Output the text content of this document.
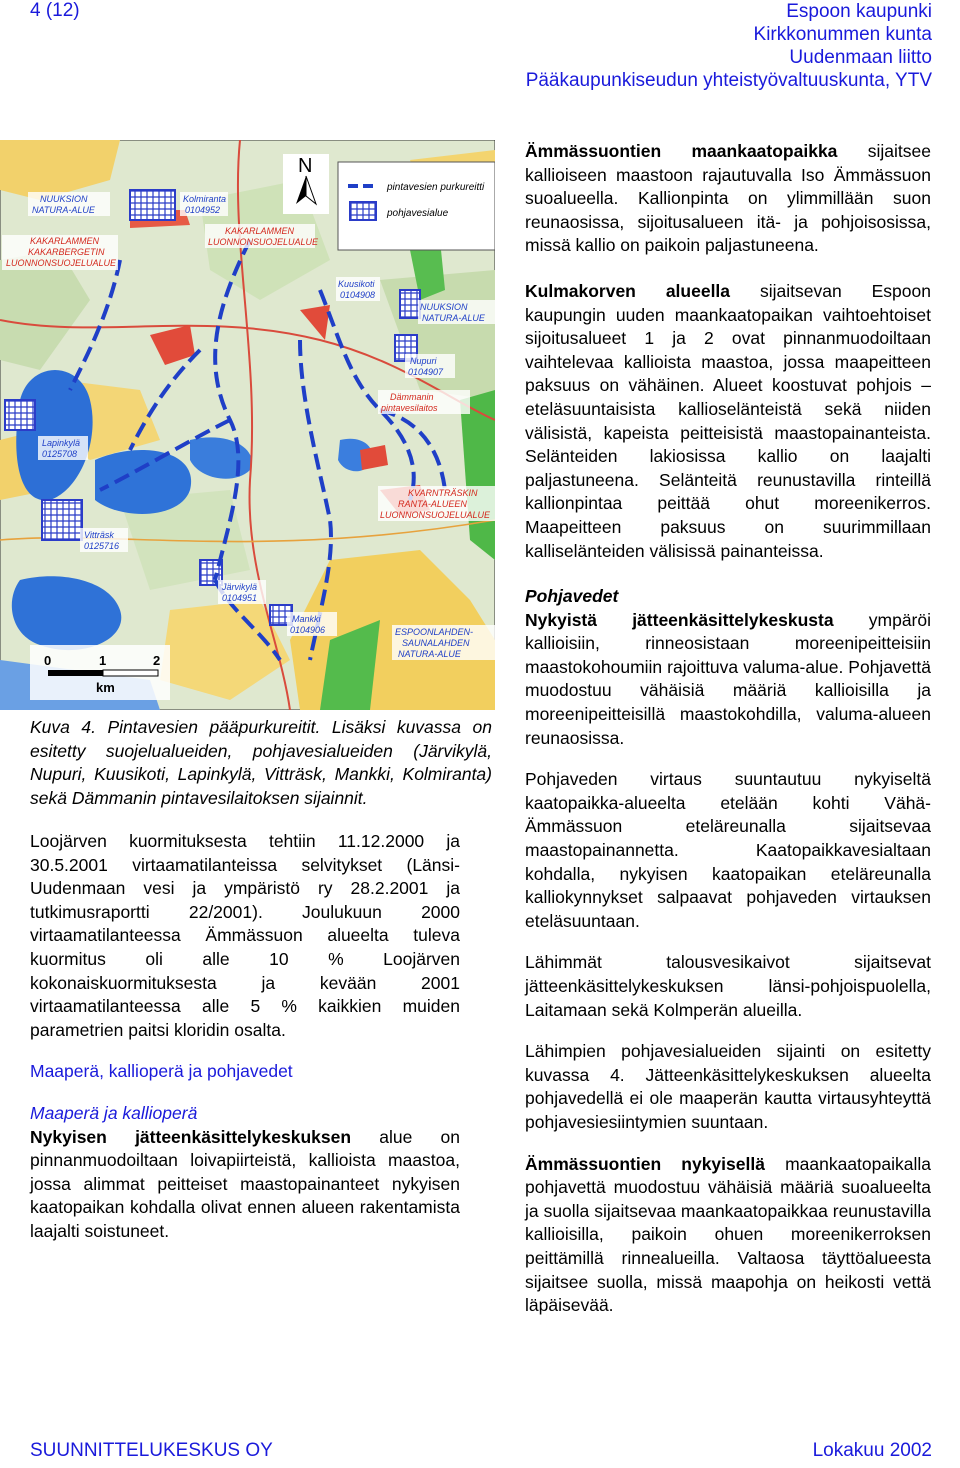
4 (12)	Espoon kaupunki
Kirkkonummen kunta
Uudenmaan liitto
Pääkaupunkiseudun yhteistyövaltuuskunta, YTV
pintavesien purkureitti
pohjavesialue
N
0	1	2
km
NUUKSION
NATURA-ALUE
KAKARLAMMEN
KAKARBERGETIN
LUONNONSUOJELUALUE
Kolmiranta
0104952
KAKARLAMMEN
LUONNONSUOJELUALUE
Kuusikoti
0104908
NUUKSION
NATURA-ALUE
Nupuri
0104907
Dämmanin
pintavesilaitos
Lapinkylä
0125708
KVARNTRÄSKIN
RANTA-ALUEEN
LUONNONSUOJELUALUE
Vitträsk
0125716
Järvikylä
0104951
Mankki
0104906	ESPOONLAHDEN-
SAUNALAHDEN
NATURA-ALUE
Kuva 4. Pintavesien pääpurkureitit. Lisäksi kuvassa on esitetty suojelualueiden, pohjavesialueiden (Järvikylä, Nupuri, Kuusikoti, Lapinkylä, Vitträsk, Mankki, Kolmiranta) sekä Dämmanin pintavesilaitoksen sijainnit.

Loojärven kuormituksesta tehtiin 11.12.2000 ja 30.5.2001 virtaamatilanteissa selvitykset (Länsi-Uudenmaan vesi ja ympäristö ry 28.2.2001 ja tutkimusraportti 22/2001). Joulukuun 2000 virtaamatilanteessa Ämmässuon alueelta tuleva kuormitus oli alle 10 % Loojärven kokonaiskuormituksesta ja kevään 2001 virtaamatilanteessa alle 5 % kaikkien muiden parametrien paitsi kloridin osalta.

Maaperä, kallioperä ja pohjavedet

Maaperä ja kallioperä

Nykyisen jätteenkäsittelykeskuksen alue on pinnanmuodoiltaan loivapiirteistä, kallioista maastoa, jossa alimmat peitteiset maastopainanteet nykyisen kaatopaikan kohdalla olivat ennen alueen rakentamista laajalti soistuneet.

Ämmässuontien maankaatopaikka sijaitsee kallioiseen maastoon rajautuvalla Iso Ämmässuon suoalueella. Kallionpinta on ylimmillään suon reunaosissa, sijoitusalueen itä- ja pohjoisosissa, missä kallio on paikoin paljastuneena.

Kulmakorven alueella sijaitsevan Espoon kaupungin uuden maankaatopaikan vaihtoehtoiset sijoitusalueet 1 ja 2 ovat pinnanmuodoiltaan vaihtelevaa kallioista maastoa, jossa maapeitteen paksuus on vähäinen. Alueet koostuvat pohjois – eteläsuuntaisista kallioselänteistä sekä niiden välisistä, kapeista peitteisistä maastopainanteista. Selänteiden lakiosissa kallio on laajalti paljastuneena. Selänteitä reunustavilla rinteillä kallionpintaa peittää ohut moreenikerros. Maapeitteen paksuus on suurimmillaan kalliselänteiden välisissä painanteissa.

Pohjavedet

Nykyistä jätteenkäsittelykeskusta ympäröi kallioisiin, rinneosistaan moreenipeitteisiin maastokohoumiin rajoittuva valuma-alue. Pohjavettä muodostuu vähäisiä määriä kallioisilla ja moreenipeitteisillä maastokohdilla, valuma-alueen reunaosissa.

Pohjaveden virtaus suuntautuu nykyiseltä kaatopaikka-alueelta etelään kohti Vähä-Ämmässuon eteläreunalla sijaitsevaa maastopainannetta. Kaatopaikkavesialtaan kohdalla, nykyisen kaatopaikan eteläreunalla kalliokynnykset salpaavat pohjaveden virtauksen eteläsuuntaan.

Lähimmät talousvesikaivot sijaitsevat jätteenkäsittelykeskuksen länsi-pohjoispuolella, Laitamaan sekä Kolmperän alueilla.

Lähimpien pohjavesialueiden sijainti on esitetty kuvassa 4. Jätteenkäsittelykeskuksen alueelta pohjavedellä ei ole maaperän kautta virtausyhteyttä pohjavesiesiintymien suuntaan.

Ämmässuontien nykyisellä maankaatopaikalla pohjavettä muodostuu vähäisiä määriä suoalueelta ja suolla sijaitsevaa maankaatopaikkaa reunustavilla kallioisilla, paikoin ohuen moreenikerroksen peittämillä rinnealueilla. Valtaosa täyttöalueesta sijaitsee suolla, missä maapohja on heikosti vettä läpäisevää.

SUUNNITTELUKESKUS OY	Lokakuu 2002
